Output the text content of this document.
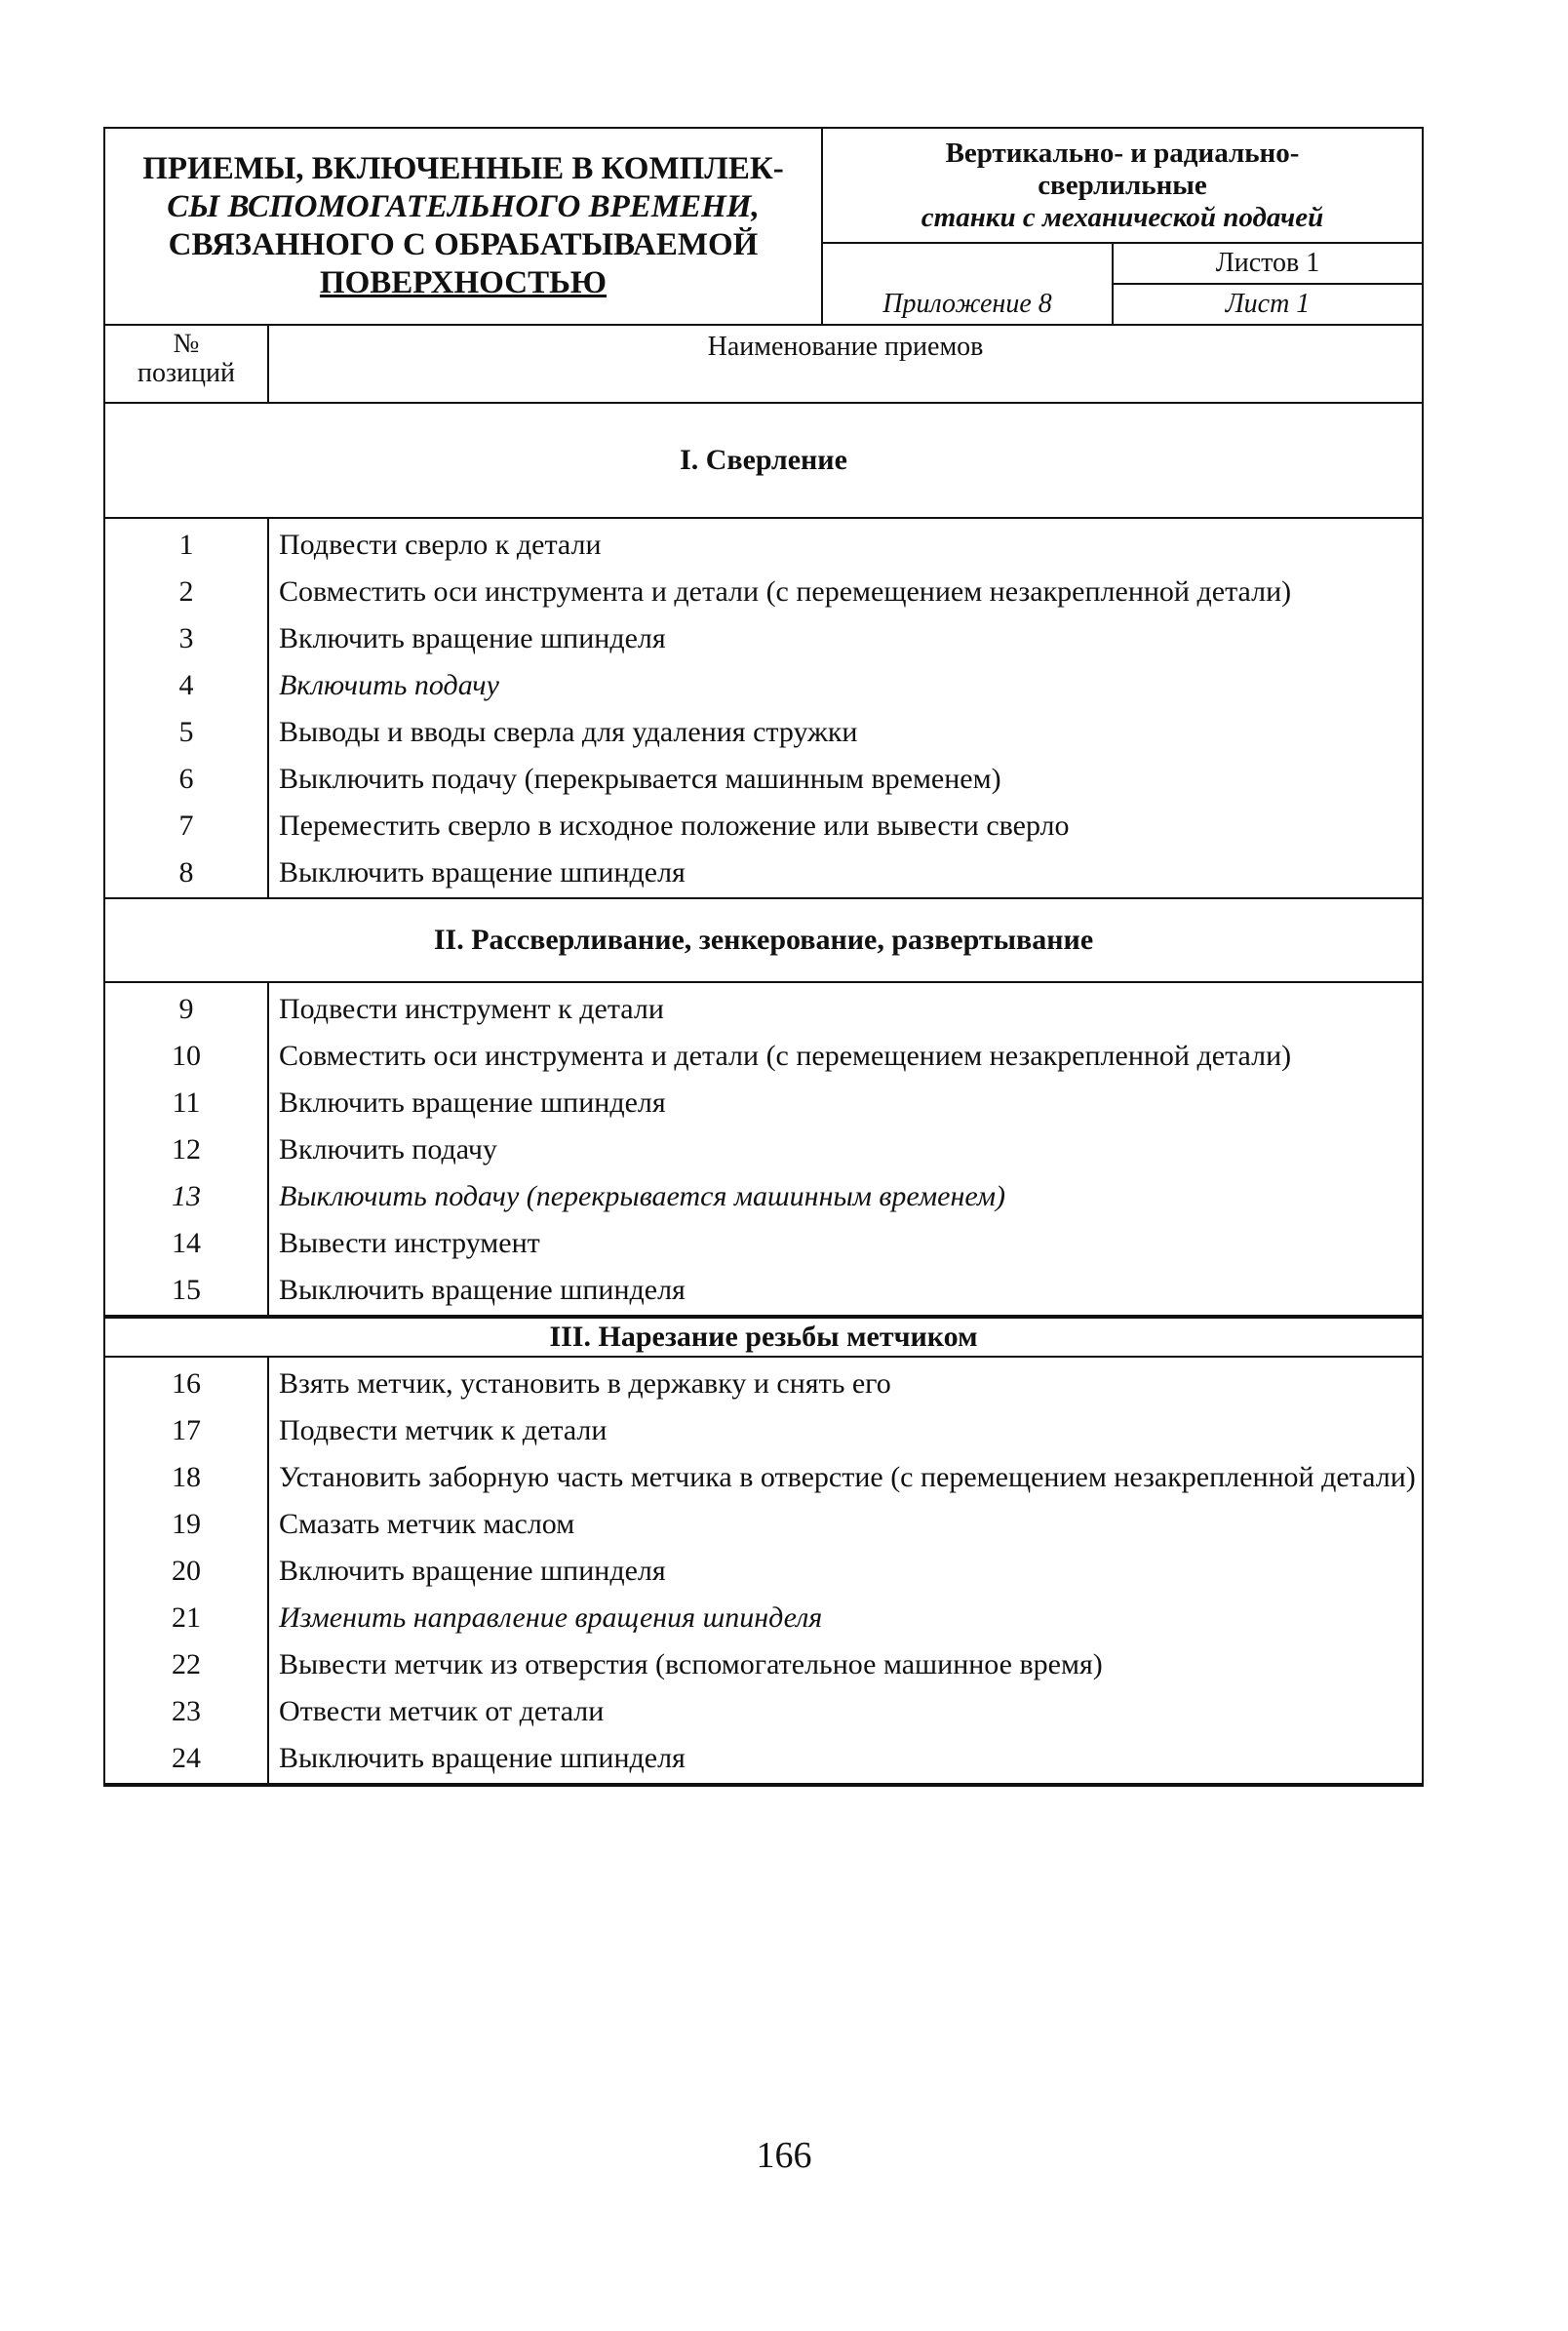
ПРИЕМЫ, ВКЛЮЧЕННЫЕ В КОМПЛЕК-
СЫ ВСПОМОГАТЕЛЬНОГО ВРЕМЕНИ,
СВЯЗАННОГО С ОБРАБАТЫВАЕМОЙ
ПОВЕРХНОСТЬЮ
Вертикально- и радиально-
сверлильные
станки с механической подачей
Приложение 8
Листов 1
Лист 1
№
позиций
Наименование приемов
I. Сверление
1	Подвести сверло к детали
2	Совместить оси инструмента и детали (с перемещением незакрепленной детали)
3	Включить вращение шпинделя
4	Включить подачу
5	Выводы и вводы сверла для удаления стружки
6	Выключить подачу (перекрывается машинным временем)
7	Переместить сверло в исходное положение или вывести сверло
8	Выключить вращение шпинделя
II. Рассверливание, зенкерование, развертывание
9	Подвести инструмент к детали
10	Совместить оси инструмента и детали (с перемещением незакрепленной детали)
11	Включить вращение шпинделя
12	Включить подачу
13	Выключить подачу (перекрывается машинным временем)
14	Вывести инструмент
15	Выключить вращение шпинделя
III. Нарезание резьбы метчиком
16	Взять метчик, установить в державку и снять его
17	Подвести метчик к детали
18	Установить заборную часть метчика в отверстие (с перемещением незакрепленной детали)
19	Смазать метчик маслом
20	Включить вращение шпинделя
21	Изменить направление вращения шпинделя
22	Вывести метчик из отверстия (вспомогательное машинное время)
23	Отвести метчик от детали
24	Выключить вращение шпинделя
166
